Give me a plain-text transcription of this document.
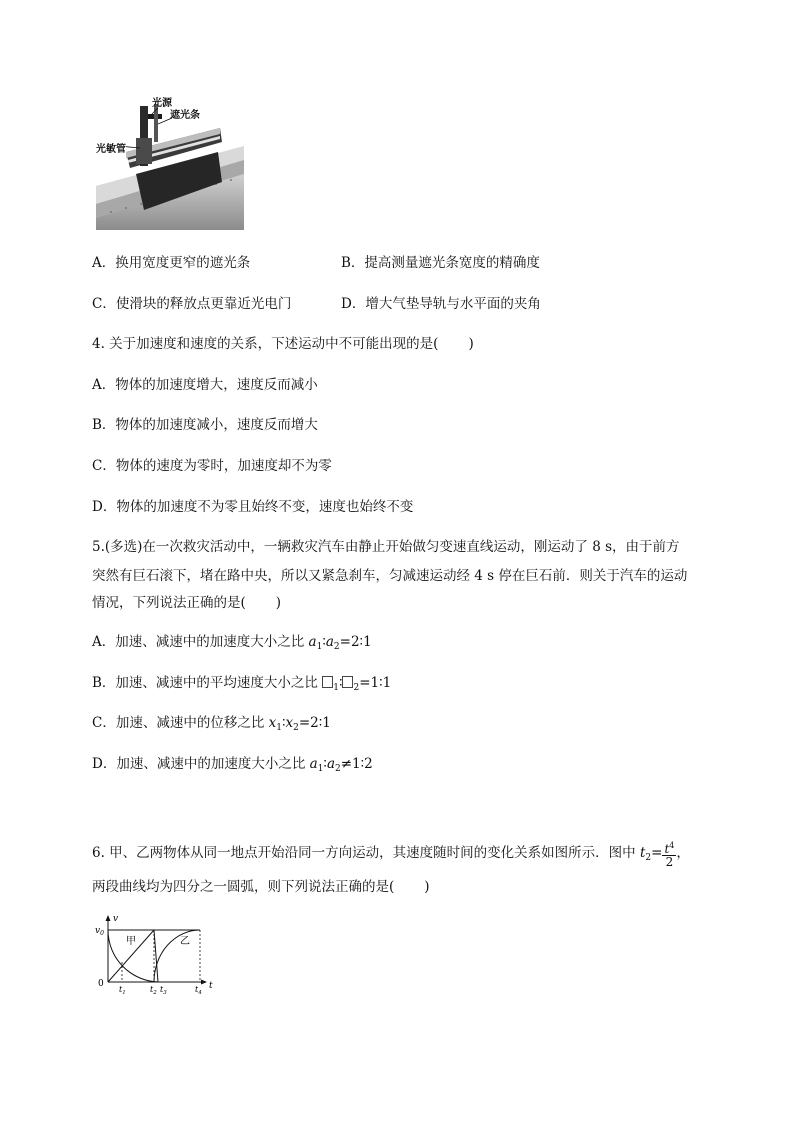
光源
遮光条
光敏管
A．换用宽度更窄的遮光条	B．提高测量遮光条宽度的精确度
C．使滑块的释放点更靠近光电门	D．增大气垫导轨与水平面的夹角
4. 关于加速度和速度的关系，下述运动中不可能出现的是( )
A．物体的加速度增大，速度反而减小
B．物体的加速度减小，速度反而增大
C．物体的速度为零时，加速度却不为零
D．物体的加速度不为零且始终不变，速度也始终不变
5.(多选)在一次救灾活动中，一辆救灾汽车由静止开始做匀变速直线运动，刚运动了 8 s，由于前方
突然有巨石滚下，堵在路中央，所以又紧急刹车，匀减速运动经 4 s 停在巨石前．则关于汽车的运动
情况，下列说法正确的是( )
A．加速、减速中的加速度大小之比 $a_1∶a_2=2∶1$
B．加速、减速中的平均速度大小之比 $_1$∶ $_2$=1∶1
C．加速、减速中的位移之比 $x_1∶x_2=2∶1$
D．加速、减速中的加速度大小之比 $a_1∶a_2\ne 1∶2$
6. 甲、乙两物体从同一地点开始沿同一方向运动，其速度随时间的变化关系如图所示．图中 $t_2= \frac{t^4}{2}$ ，
两段曲线均为四分之一圆弧，则下列说法正确的是( )
v
t
$v_0$
0
甲	乙
$t_1$	$t_2$ $t_3$	$t_4$
